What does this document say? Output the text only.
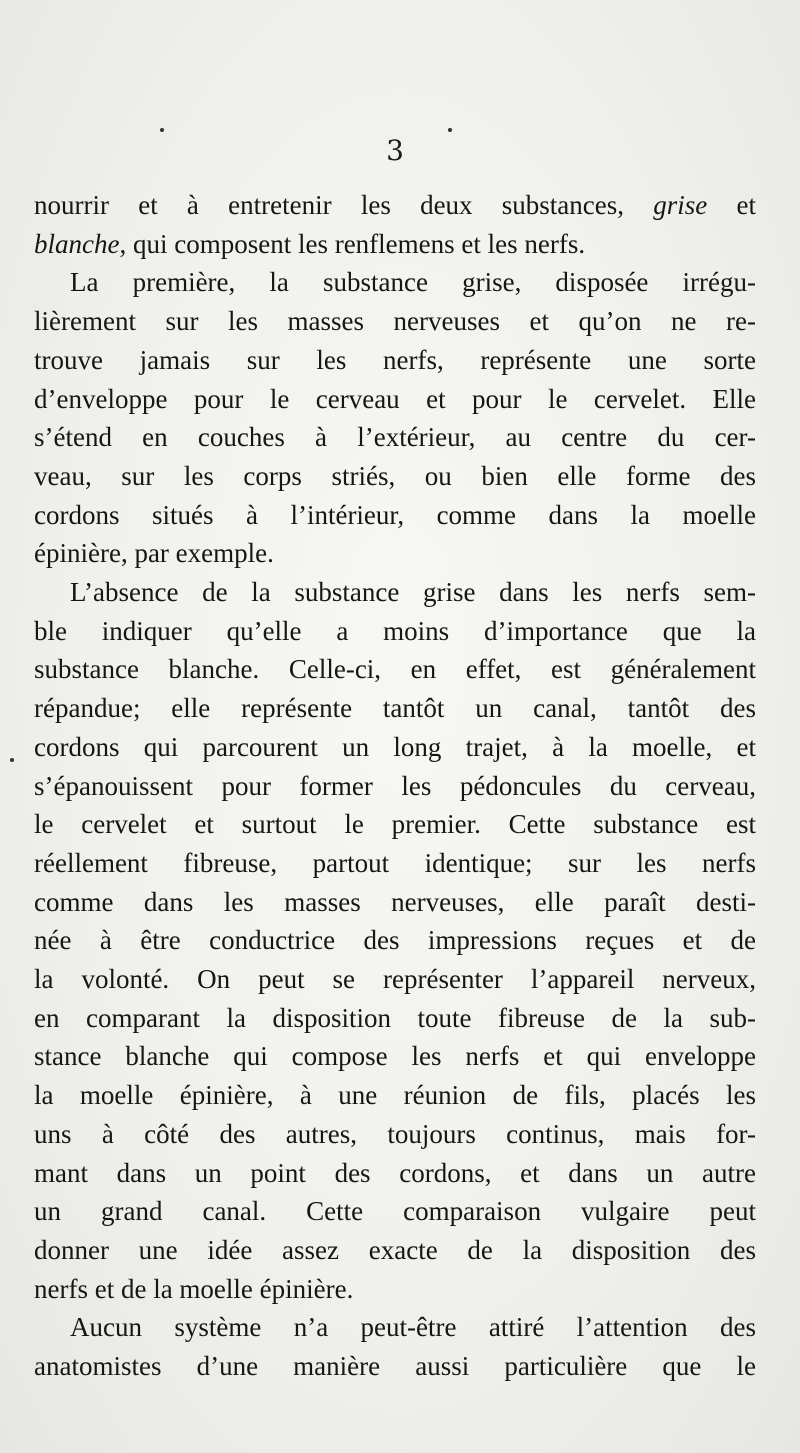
3
nourrir et à entretenir les deux substances, grise et
blanche, qui composent les renflemens et les nerfs.
La première, la substance grise, disposée irrégu-
lièrement sur les masses nerveuses et qu’on ne re-
trouve jamais sur les nerfs, représente une sorte
d’enveloppe pour le cerveau et pour le cervelet. Elle
s’étend en couches à l’extérieur, au centre du cer-
veau, sur les corps striés, ou bien elle forme des
cordons situés à l’intérieur, comme dans la moelle
épinière, par exemple.
L’absence de la substance grise dans les nerfs sem-
ble indiquer qu’elle a moins d’importance que la
substance blanche. Celle-ci, en effet, est généralement
répandue; elle représente tantôt un canal, tantôt des
cordons qui parcourent un long trajet, à la moelle, et
s’épanouissent pour former les pédoncules du cerveau,
le cervelet et surtout le premier. Cette substance est
réellement fibreuse, partout identique; sur les nerfs
comme dans les masses nerveuses, elle paraît desti-
née à être conductrice des impressions reçues et de
la volonté. On peut se représenter l’appareil nerveux,
en comparant la disposition toute fibreuse de la sub-
stance blanche qui compose les nerfs et qui enveloppe
la moelle épinière, à une réunion de fils, placés les
uns à côté des autres, toujours continus, mais for-
mant dans un point des cordons, et dans un autre
un grand canal. Cette comparaison vulgaire peut
donner une idée assez exacte de la disposition des
nerfs et de la moelle épinière.
Aucun système n’a peut-être attiré l’attention des
anatomistes d’une manière aussi particulière que le
